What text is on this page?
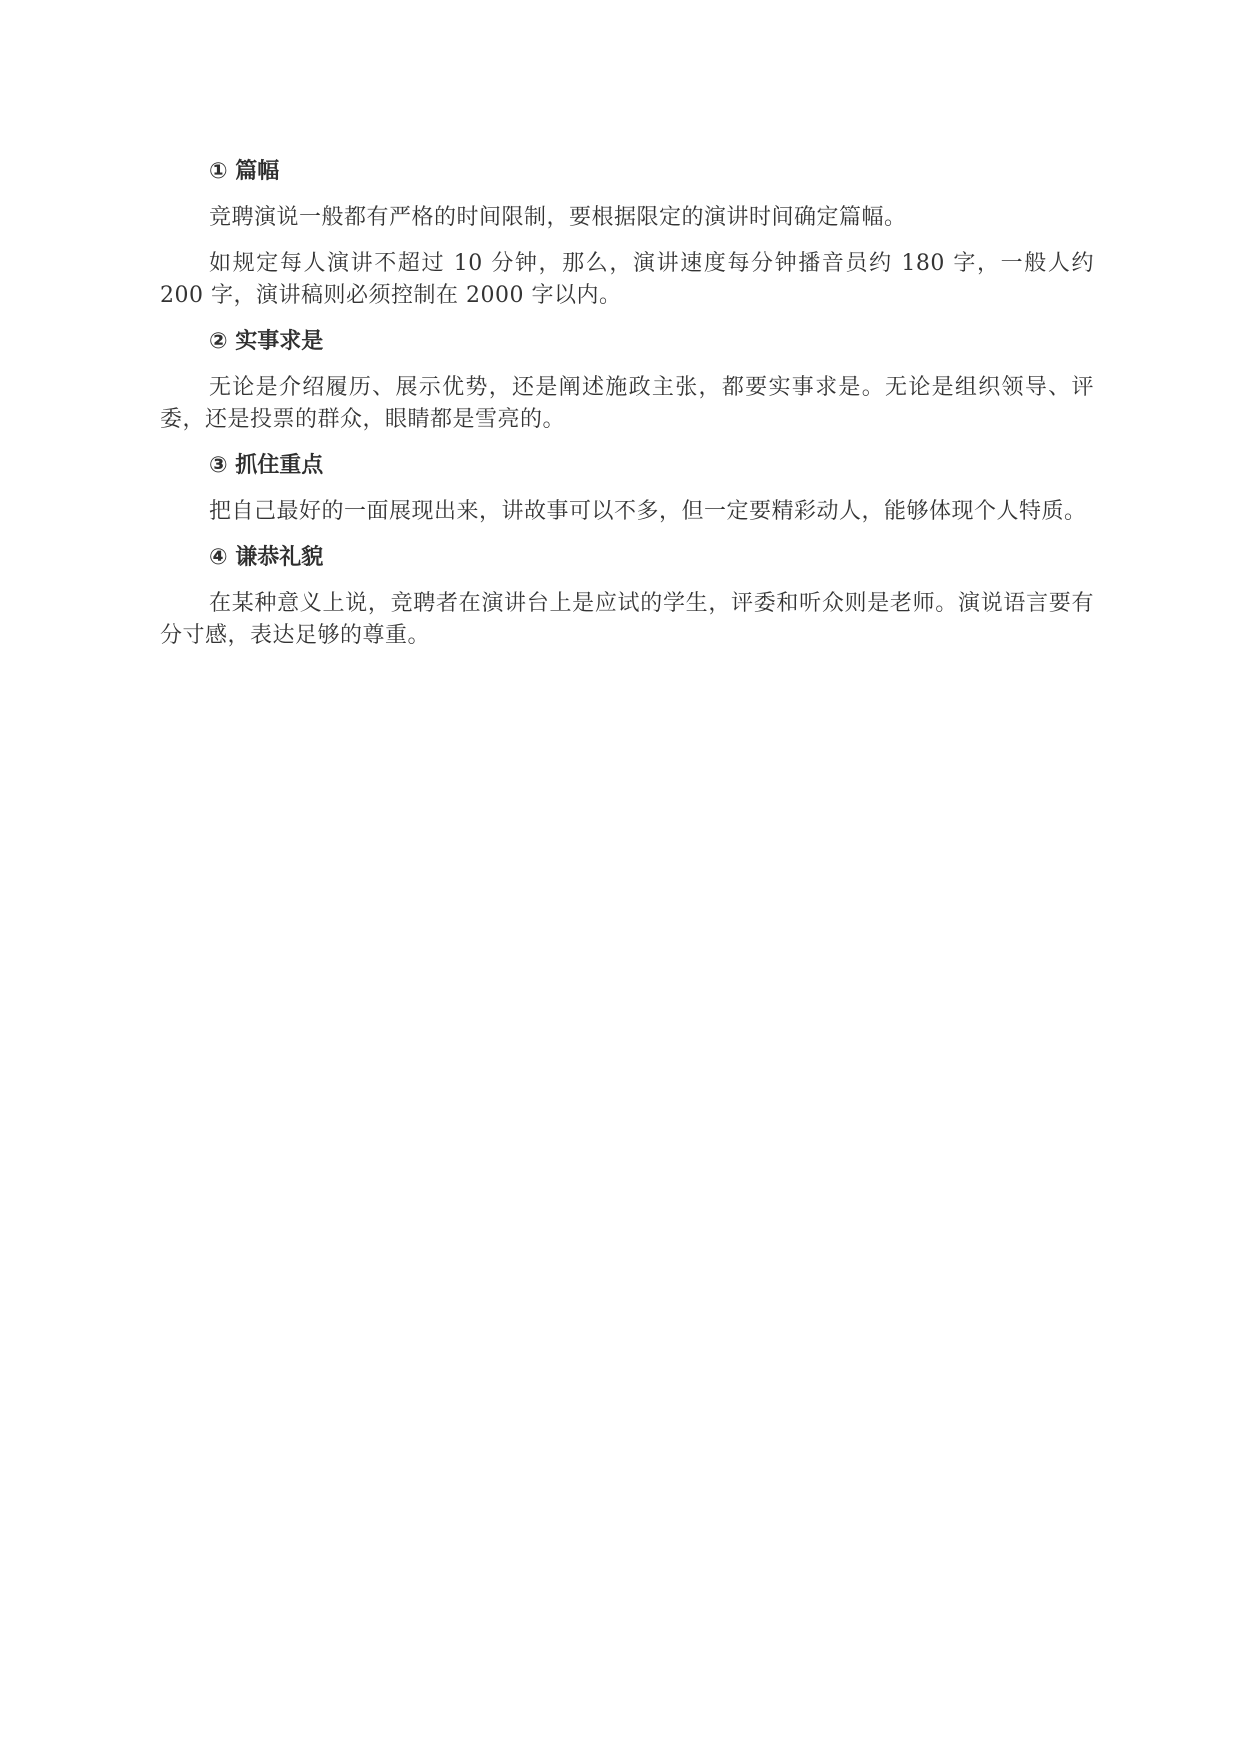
① 篇幅

竞聘演说一般都有严格的时间限制，要根据限定的演讲时间确定篇幅。

如规定每人演讲不超过 10 分钟，那么，演讲速度每分钟播音员约 180 字，一般人约 200 字，演讲稿则必须控制在 2000 字以内。

② 实事求是

无论是介绍履历、展示优势，还是阐述施政主张，都要实事求是。无论是组织领导、评委，还是投票的群众，眼睛都是雪亮的。

③ 抓住重点

把自己最好的一面展现出来，讲故事可以不多，但一定要精彩动人，能够体现个人特质。

④ 谦恭礼貌

在某种意义上说，竞聘者在演讲台上是应试的学生，评委和听众则是老师。演说语言要有分寸感，表达足够的尊重。
